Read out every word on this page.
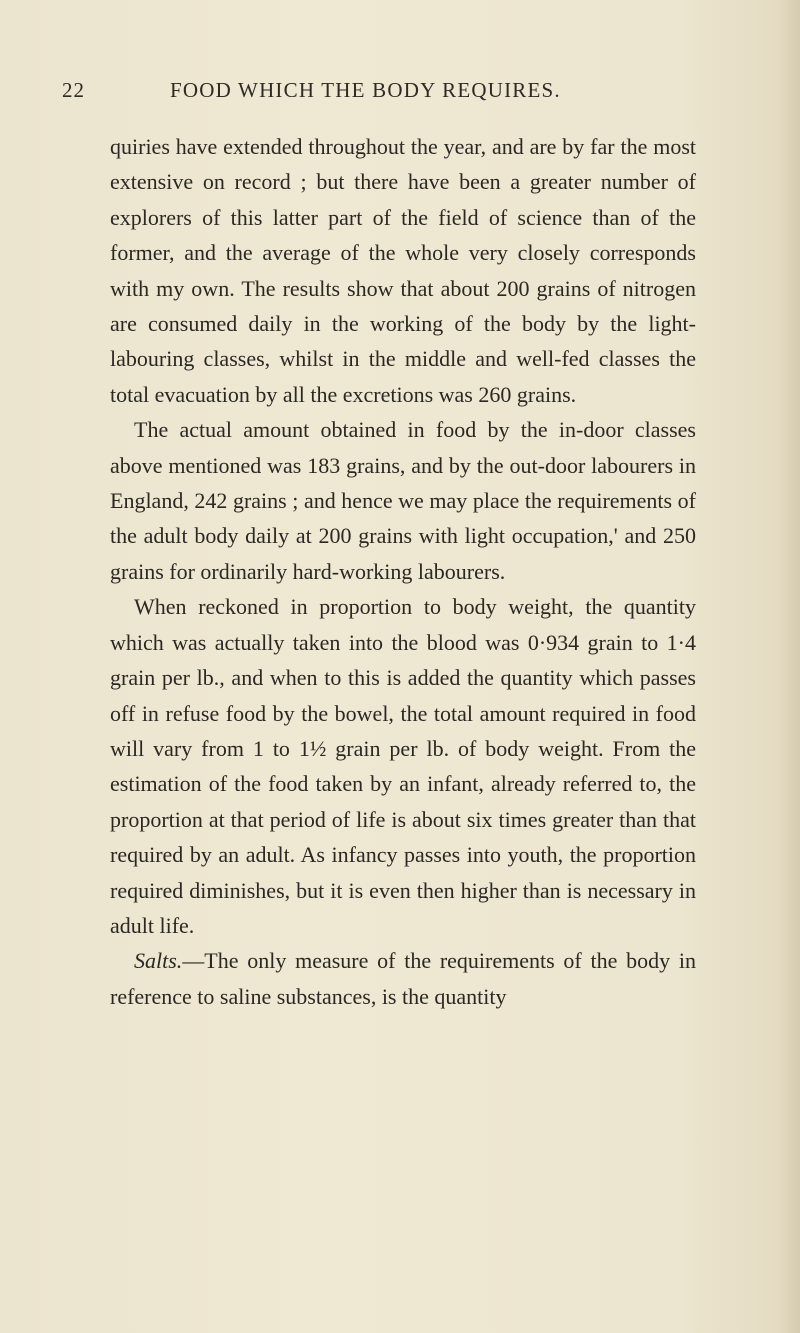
22	FOOD WHICH THE BODY REQUIRES.

quiries have extended throughout the year, and are by far the most extensive on record ; but there have been a greater number of explorers of this latter part of the field of science than of the former, and the average of the whole very closely corresponds with my own. The results show that about 200 grains of nitrogen are consumed daily in the working of the body by the light-labouring classes, whilst in the middle and well-fed classes the total evacuation by all the excretions was 260 grains.

The actual amount obtained in food by the in-door classes above mentioned was 183 grains, and by the out-door labourers in England, 242 grains ; and hence we may place the requirements of the adult body daily at 200 grains with light occupation,' and 250 grains for ordinarily hard-working labourers.

When reckoned in proportion to body weight, the quantity which was actually taken into the blood was 0·934 grain to 1·4 grain per lb., and when to this is added the quantity which passes off in refuse food by the bowel, the total amount required in food will vary from 1 to 1½ grain per lb. of body weight. From the estimation of the food taken by an infant, already referred to, the proportion at that period of life is about six times greater than that required by an adult. As infancy passes into youth, the proportion required diminishes, but it is even then higher than is necessary in adult life.

Salts.—The only measure of the requirements of the body in reference to saline substances, is the quantity
